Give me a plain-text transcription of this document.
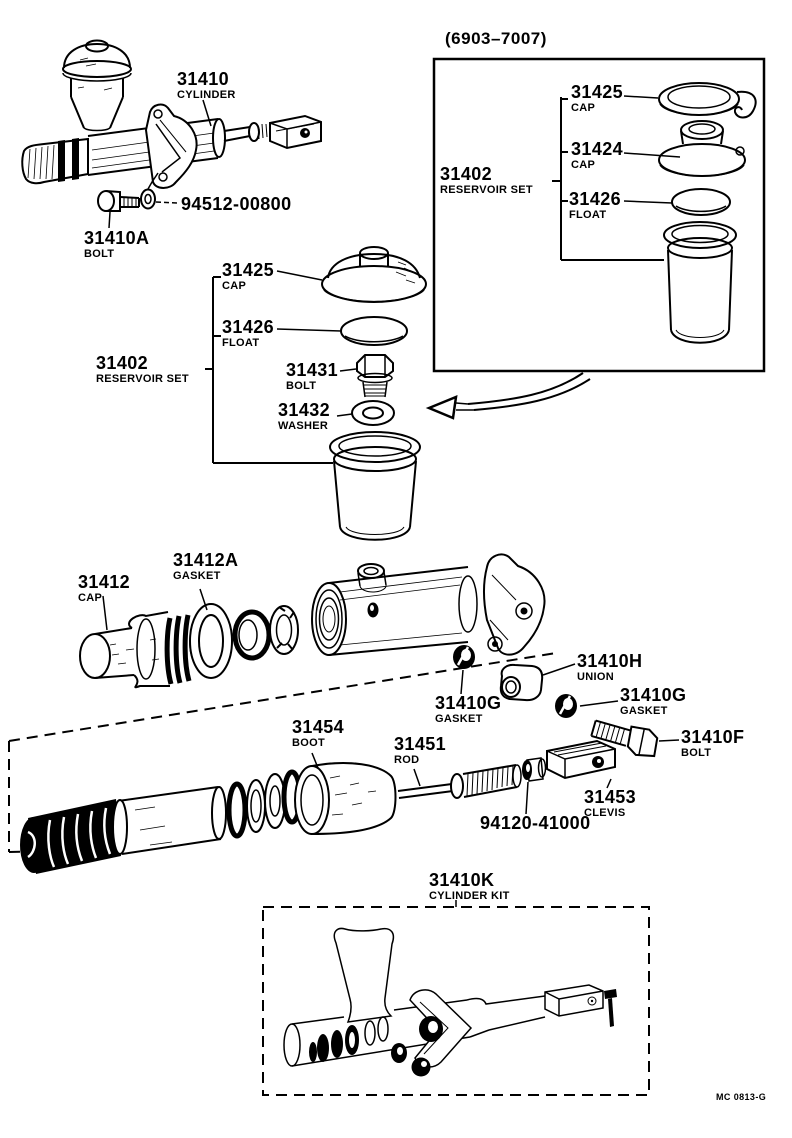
(6903–7007)
31410
CYLINDER
94512-00800
31410A
BOLT
31402
RESERVOIR SET
31425
CAP
31424
CAP
31426
FLOAT
31425
CAP
31426
FLOAT
31402
RESERVOIR SET	31431
BOLT
31432
WASHER
31412A
GASKET
31412
CAP
31410H
UNION
31410G
GASKET
31410G
GASKET
31410F
BOLT
31454
BOOT	31451
ROD
94120-41000
31453
CLEVIS
31410K
CYLINDER KIT
MC 0813-G
